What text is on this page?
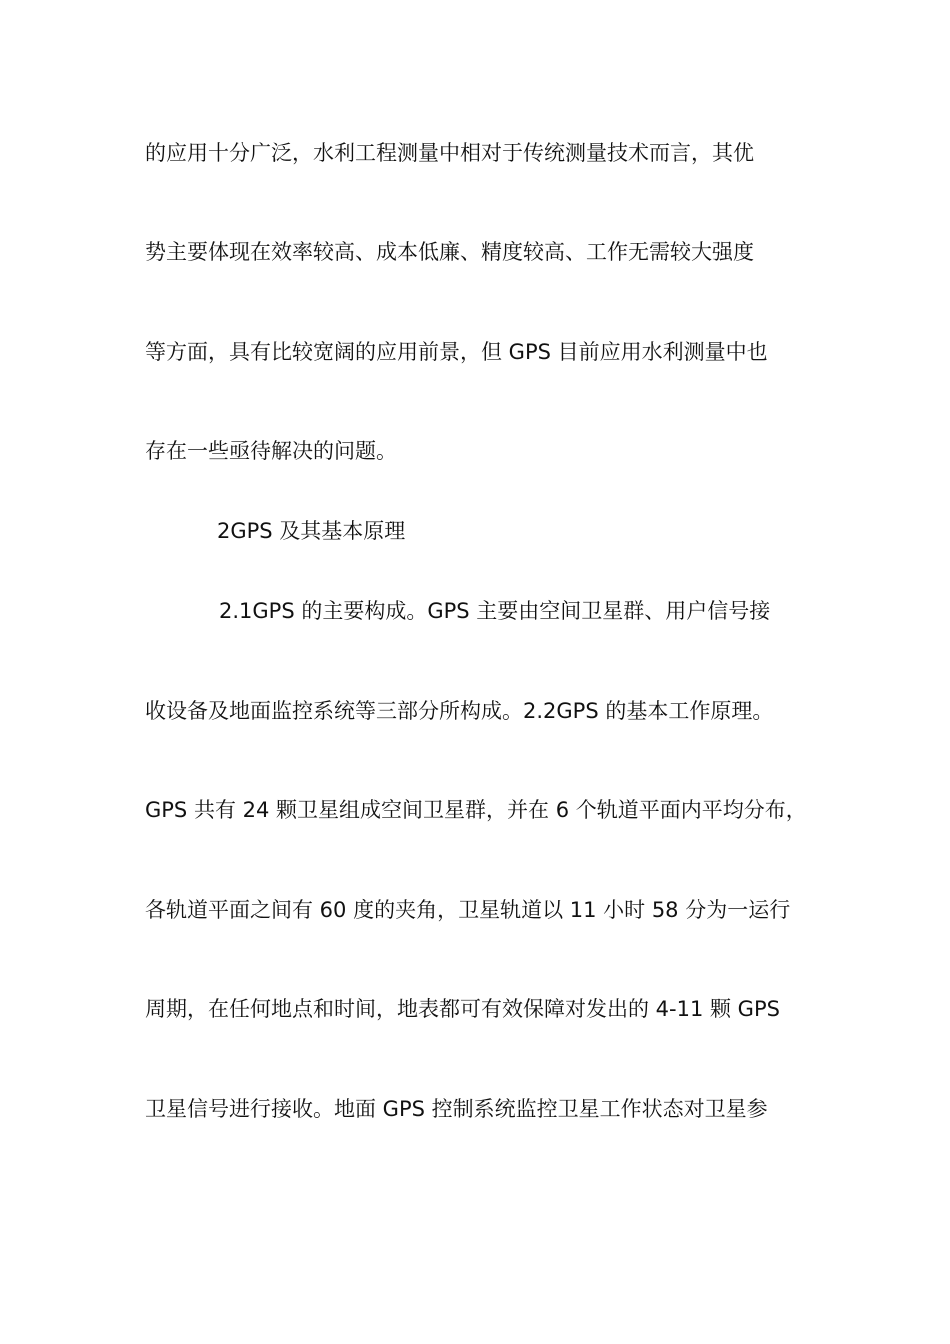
的应用十分广泛，水利工程测量中相对于传统测量技术而言，其优
势主要体现在效率较高、成本低廉、精度较高、工作无需较大强度
等方面，具有比较宽阔的应用前景，但 GPS 目前应用水利测量中也
存在一些亟待解决的问题。
2GPS 及其基本原理
2.1GPS 的主要构成。GPS 主要由空间卫星群、用户信号接
收设备及地面监控系统等三部分所构成。2.2GPS 的基本工作原理。
GPS 共有 24 颗卫星组成空间卫星群，并在 6 个轨道平面内平均分布，
各轨道平面之间有 60 度的夹角，卫星轨道以 11 小时 58 分为一运行
周期，在任何地点和时间，地表都可有效保障对发出的 4-11 颗 GPS
卫星信号进行接收。地面 GPS 控制系统监控卫星工作状态对卫星参
